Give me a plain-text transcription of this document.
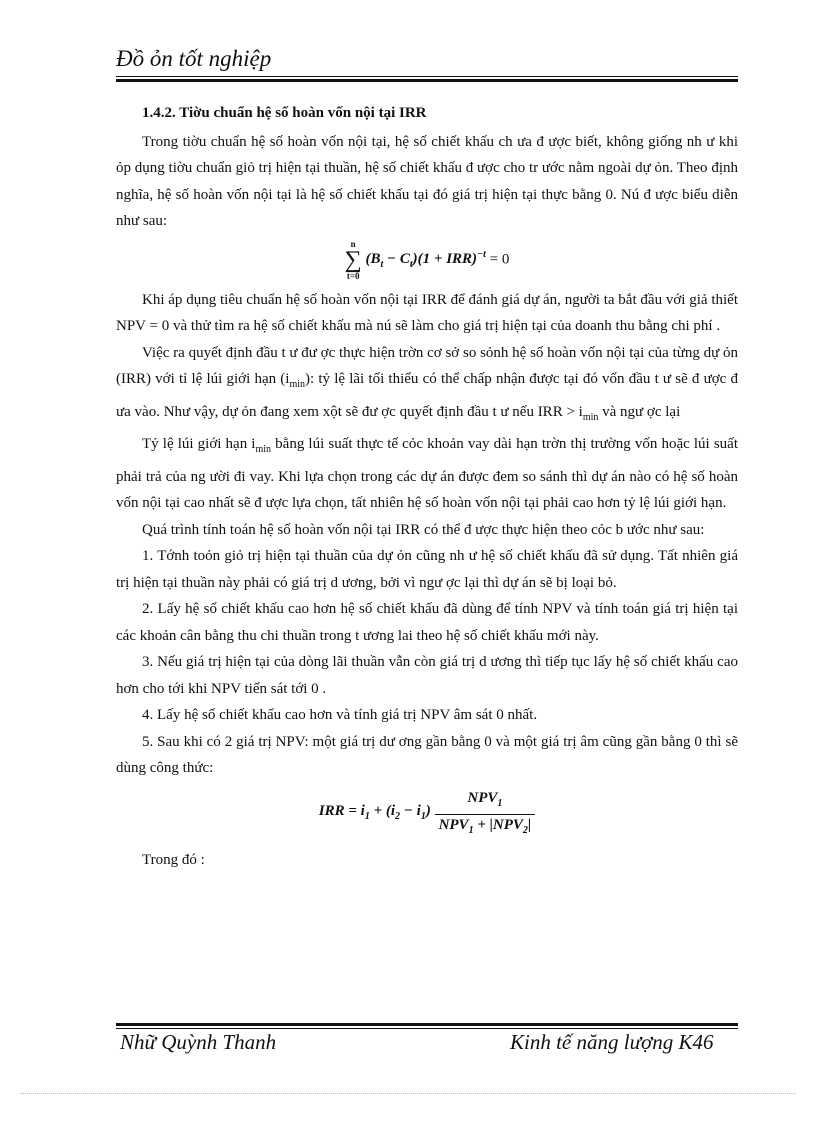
Đồ ỏn tốt nghiệp
1.4.2. Tiờu chuẩn hệ số hoàn vốn nội tại IRR

Trong tiờu chuẩn hệ số hoàn vốn nội tại, hệ số chiết khấu ch ưa đ ược biết, không giống nh ư khi ỏp dụng tiờu chuẩn giỏ trị hiện tại thuần, hệ số chiết khấu đ ược cho tr ước nằm ngoài dự ỏn. Theo định nghĩa, hệ số hoàn vốn nội tại là hệ số chiết khấu tại đó giá trị hiện tại thực bằng 0. Nú đ ược biểu diễn như sau:

n
∑
t=0
$(B_t - C_t)(1 + IRR)^{-t} = 0$

Khi áp dụng tiêu chuẩn hệ số hoàn vốn nội tại IRR để đánh giá dự án, người ta bắt đầu với giả thiết NPV = 0 và thử tìm ra hệ số chiết khấu mà nú sẽ làm cho giá trị hiện tại của doanh thu bằng chi phí .

Việc ra quyết định đầu t ư đư ợc thực hiện trờn cơ sở so sỏnh hệ số hoàn vốn nội tại của từng dự ỏn (IRR) với tỉ lệ lúi giới hạn $(i_{min})$: tỷ lệ lãi tối thiểu có thể chấp nhận được tại đó vốn đầu t ư sẽ đ ược đ ưa vào. Như vậy, dự ỏn đang xem xột sẽ đư ợc quyết định đầu t ư nếu IRR > $i_{min}$ và ngư ợc lại

Tỷ lệ lúi giới hạn $i_{min}$ bằng lúi suất thực tế cỏc khoản vay dài hạn trờn thị trường vốn hoặc lúi suất phải trả của ng ười đi vay. Khi lựa chọn trong các dự án được đem so sánh thì dự án nào có hệ số hoàn vốn nội tại cao nhất sẽ đ ược lựa chọn, tất nhiên hệ số hoàn vốn nội tại phải cao hơn tỷ lệ lúi giới hạn.

Quá trình tính toán hệ số hoàn vốn nội tại IRR có thể đ ược thực hiện theo cỏc b ước như sau:

1. Tớnh toỏn giỏ trị hiện tại thuần của dự ỏn cũng nh ư hệ số chiết khấu đã sử dụng. Tất nhiên giá trị hiện tại thuần này phải có giá trị d ương, bởi vì ngư ợc lại thì dự án sẽ bị loại bỏ.

2. Lấy hệ số chiết khấu cao hơn hệ số chiết khấu đã dùng để tính NPV và tính toán giá trị hiện tại các khoản cân bằng thu chi thuần trong t ương lai theo hệ số chiết khấu mới này.

3. Nếu giá trị hiện tại của dòng lãi thuần vẫn còn giá trị d ương thì tiếp tục lấy hệ số chiết khấu cao hơn cho tới khi NPV tiến sát tới 0 .

4. Lấy hệ số chiết khấu cao hơn và tính giá trị NPV âm sát 0 nhất.

5. Sau khi có 2 giá trị NPV: một giá trị dư ơng gần bằng 0 và một giá trị âm cũng gần bằng 0 thì sẽ dùng công thức:

IRR = $i_1 + (i_2 - i_1)$
$NPV_1$
$NPV_1 + |NPV_2|$

Trong đó :

Nhữ Quỳnh Thanh	Kinh tế năng lượng K46
